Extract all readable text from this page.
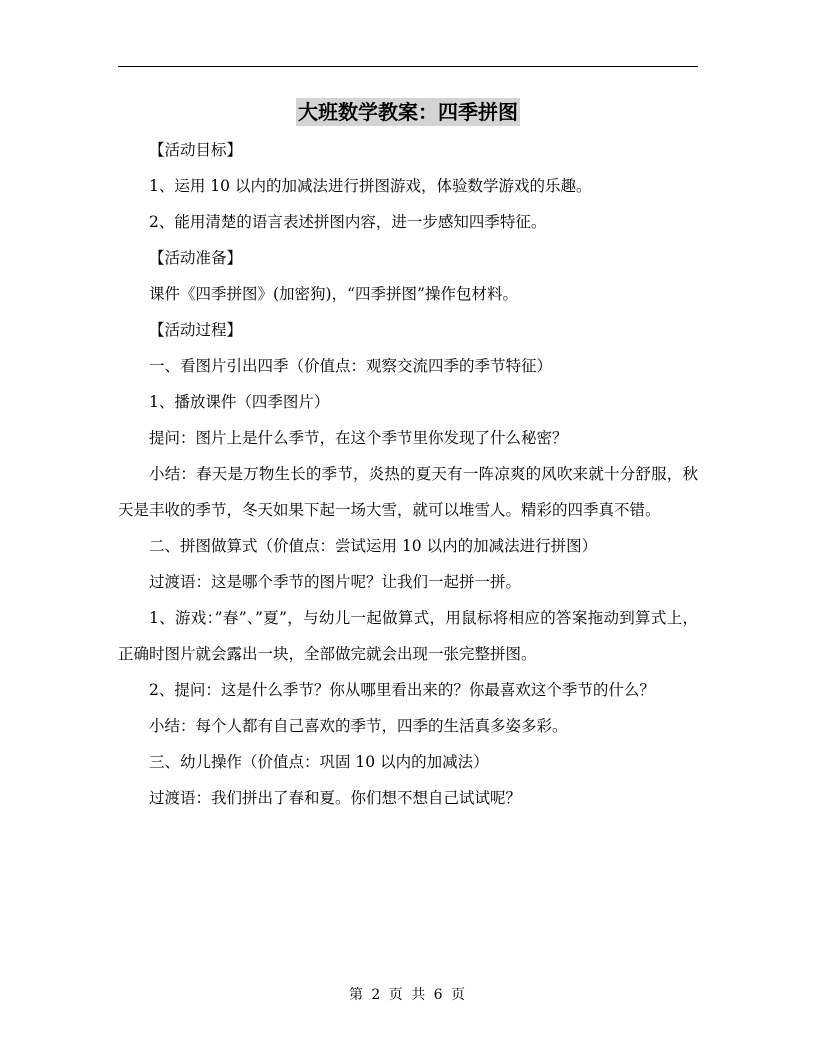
大班数学教案：四季拼图

【活动目标】

1、运用 10 以内的加减法进行拼图游戏，体验数学游戏的乐趣。

2、能用清楚的语言表述拼图内容，进一步感知四季特征。

【活动准备】

课件《四季拼图》(加密狗)，“四季拼图”操作包材料。

【活动过程】

一、看图片引出四季（价值点：观察交流四季的季节特征）

1、播放课件（四季图片）

提问：图片上是什么季节，在这个季节里你发现了什么秘密？

小结：春天是万物生长的季节，炎热的夏天有一阵凉爽的风吹来就十分舒服，秋天是丰收的季节，冬天如果下起一场大雪，就可以堆雪人。精彩的四季真不错。

二、拼图做算式（价值点：尝试运用 10 以内的加减法进行拼图）

过渡语：这是哪个季节的图片呢？让我们一起拼一拼。

1、游戏：”春”、”夏”，与幼儿一起做算式，用鼠标将相应的答案拖动到算式上，正确时图片就会露出一块，全部做完就会出现一张完整拼图。

2、提问：这是什么季节？你从哪里看出来的？你最喜欢这个季节的什么？

小结：每个人都有自己喜欢的季节，四季的生活真多姿多彩。

三、幼儿操作（价值点：巩固 10 以内的加减法）

过渡语：我们拼出了春和夏。你们想不想自己试试呢？

第 2 页 共 6 页
